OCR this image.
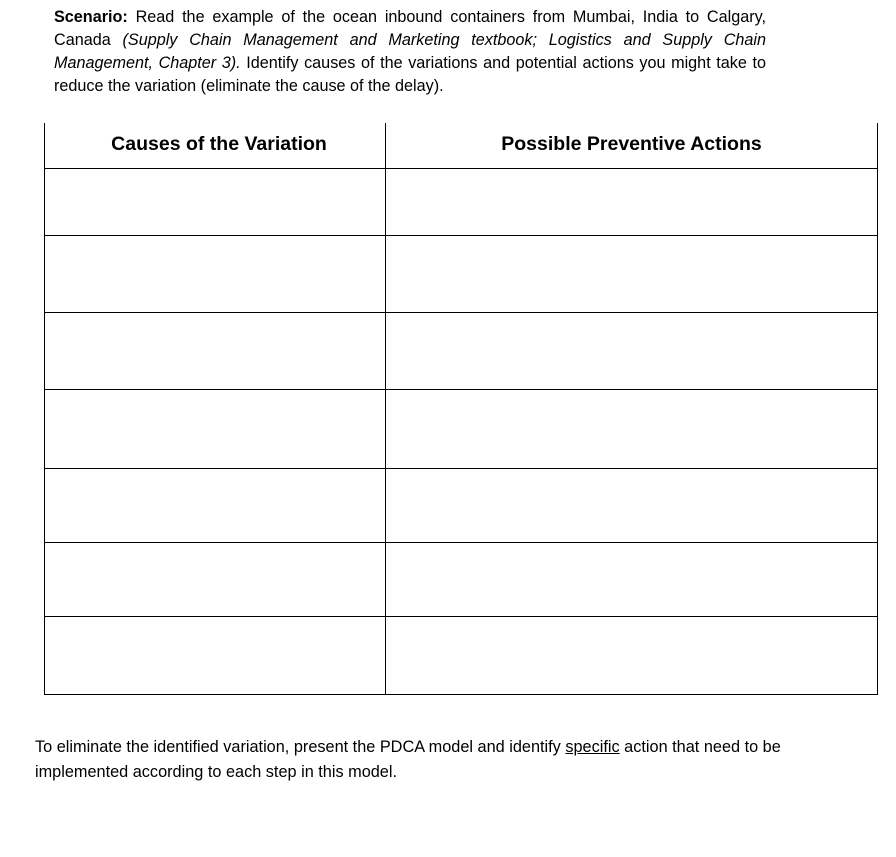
Scenario: Read the example of the ocean inbound containers from Mumbai, India to Calgary, Canada (Supply Chain Management and Marketing textbook; Logistics and Supply Chain Management, Chapter 3). Identify causes of the variations and potential actions you might take to reduce the variation (eliminate the cause of the delay).

Causes of the Variation	Possible Preventive Actions

To eliminate the identified variation, present the PDCA model and identify specific action that need to be implemented according to each step in this model.
